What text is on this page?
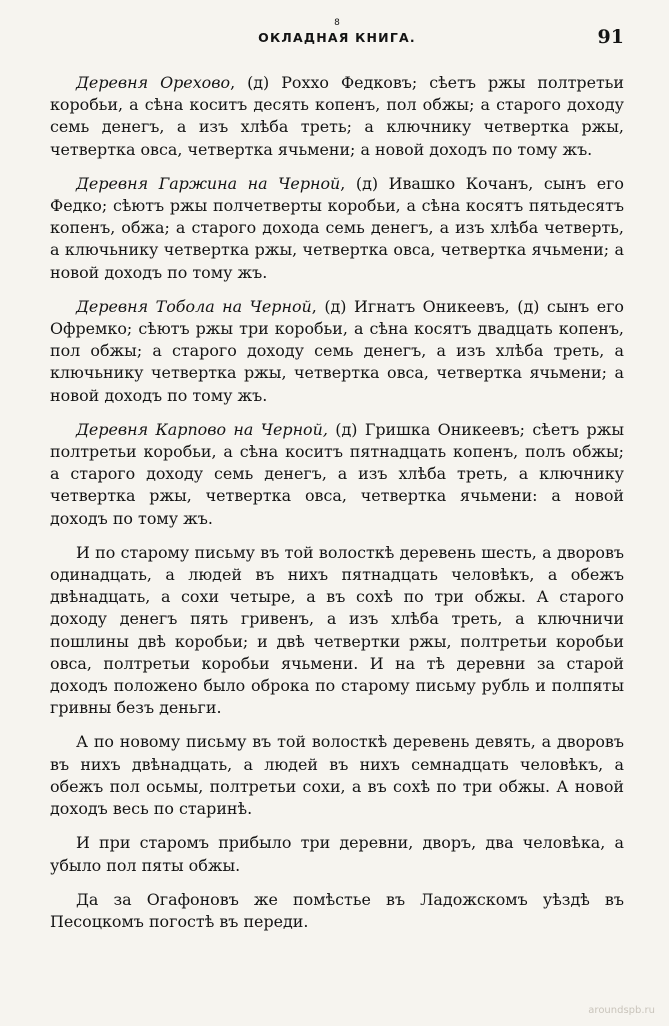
8
ОКЛАДНАЯ КНИГА.	91

Деревня Орехово, (д) Роххо Федковъ; сѣетъ ржы полтретьи коробьи, а сѣна коситъ десять копенъ, пол обжы; а старого доходу семь денегъ, а изъ хлѣба треть; а ключнику четвертка ржы, четвертка овса, четвертка ячьмени; а новой доходъ по тому жъ.

Деревня Гаржина на Черной, (д) Ивашко Кочанъ, сынъ его Федко; сѣютъ ржы полчетверты коробьи, а сѣна косятъ пятьдесятъ копенъ, обжа; а старого дохода семь денегъ, а изъ хлѣба четверть, а ключьнику четвертка ржы, четвертка овса, четвертка ячьмени; а новой доходъ по тому жъ.

Деревня Тобола на Черной, (д) Игнатъ Оникеевъ, (д) сынъ его Офремко; сѣютъ ржы три коробьи, а сѣна косятъ двадцать копенъ, пол обжы; а старого доходу семь денегъ, а изъ хлѣба треть, а ключьнику четвертка ржы, четвертка овса, четвертка ячьмени; а новой доходъ по тому жъ.

Деревня Карпово на Черной, (д) Гришка Оникеевъ; сѣетъ ржы полтретьи коробьи, а сѣна коситъ пятнадцать копенъ, полъ обжы; а старого доходу семь денегъ, а изъ хлѣба треть, а ключнику четвертка ржы, четвертка овса, четвертка ячьмени: а новой доходъ по тому жъ.

И по старому письму въ той волосткѣ деревень шесть, а дворовъ одинадцать, а людей въ нихъ пятнадцать человѣкъ, а обежъ двѣнадцать, а сохи четыре, а въ сохѣ по три обжы. А старого доходу денегъ пять гривенъ, а изъ хлѣба треть, а ключничи пошлины двѣ коробьи; и двѣ четвертки ржы, полтретьи коробьи овса, полтретьи коробьи ячьмени. И на тѣ деревни за старой доходъ положено было оброка по старому письму рубль и полпяты гривны безъ деньги.

А по новому письму въ той волосткѣ деревень девять, а дворовъ въ нихъ двѣнадцать, а людей въ нихъ семнадцать человѣкъ, а обежъ пол осьмы, полтретьи сохи, а въ сохѣ по три обжы. А новой доходъ весь по старинѣ.

И при старомъ прибыло три деревни, дворъ, два человѣка, а убыло пол пяты обжы.

Да за Огафоновъ же помѣстье въ Ладожскомъ уѣздѣ въ Песоцкомъ погостѣ въ переди.

aroundspb.ru
